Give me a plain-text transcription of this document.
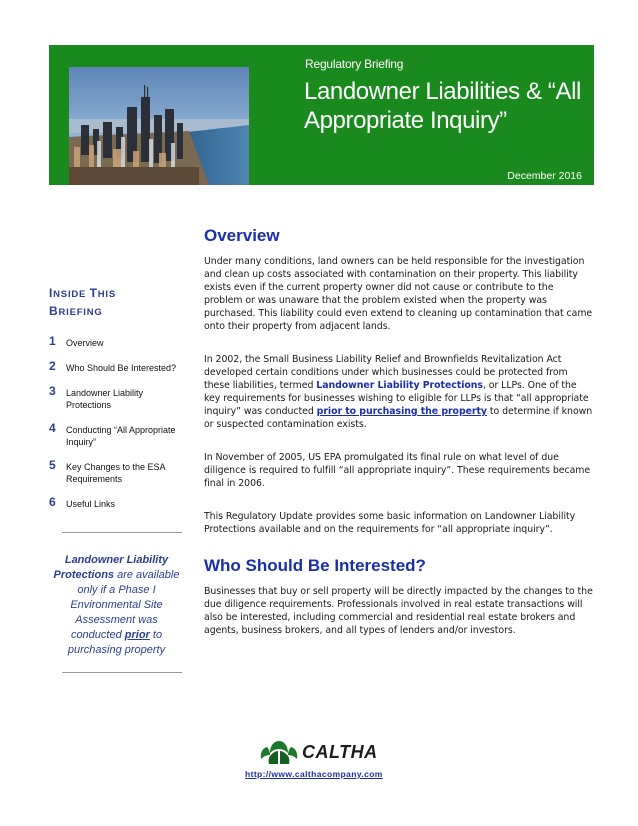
Regulatory Briefing
Landowner Liabilities & “All Appropriate Inquiry”
December 2016
INSIDE THIS
BRIEFING
1	Overview
2	Who Should Be Interested?
3	Landowner Liability Protections
4	Conducting “All Appropriate Inquiry”
5	Key Changes to the ESA Requirements
6	Useful Links
Landowner Liability Protections are available only if a Phase I Environmental Site Assessment was conducted prior to purchasing property
Overview

Under many conditions, land owners can be held responsible for the investigation and clean up costs associated with contamination on their property. This liability exists even if the current property owner did not cause or contribute to the problem or was unaware that the problem existed when the property was purchased. This liability could even extend to cleaning up contamination that came onto their property from adjacent lands.

In 2002, the Small Business Liability Relief and Brownfields Revitalization Act developed certain conditions under which businesses could be protected from these liabilities, termed Landowner Liability Protections, or LLPs. One of the key requirements for businesses wishing to eligible for LLPs is that “all appropriate inquiry” was conducted prior to purchasing the property to determine if known or suspected contamination exists.

In November of 2005, US EPA promulgated its final rule on what level of due diligence is required to fulfill “all appropriate inquiry”. These requirements became final in 2006.

This Regulatory Update provides some basic information on Landowner Liability Protections available and on the requirements for “all appropriate inquiry”.

Who Should Be Interested?

Businesses that buy or sell property will be directly impacted by the changes to the due diligence requirements. Professionals involved in real estate transactions will also be interested, including commercial and residential real estate brokers and agents, business brokers, and all types of lenders and/or investors.

CALTHA
http://www.calthacompany.com
